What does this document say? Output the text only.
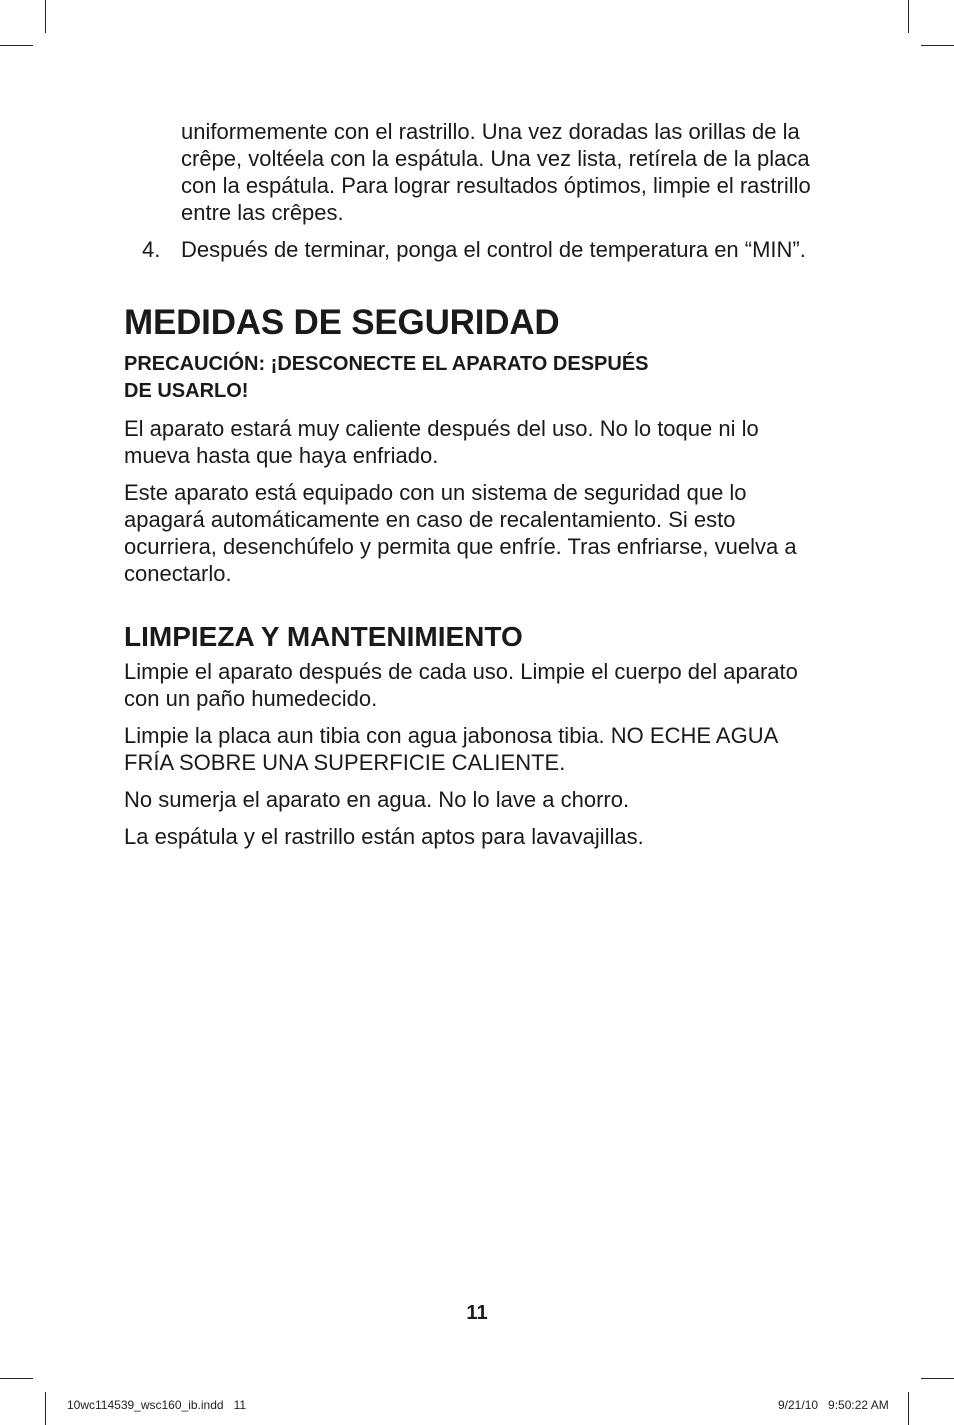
uniformemente con el rastrillo. Una vez doradas las orillas de la crêpe, voltéela con la espátula. Una vez lista, retírela de la placa con la espátula. Para lograr resultados óptimos, limpie el rastrillo entre las crêpes.

4. Después de terminar, ponga el control de temperatura en “MIN”.

MEDIDAS DE SEGURIDAD
PRECAUCIÓN: ¡DESCONECTE EL APARATO DESPUÉS
DE USARLO!

El aparato estará muy caliente después del uso. No lo toque ni lo mueva hasta que haya enfriado.

Este aparato está equipado con un sistema de seguridad que lo apagará automáticamente en caso de recalentamiento. Si esto ocurriera, desenchúfelo y permita que enfríe. Tras enfriarse, vuelva a conectarlo.

LIMPIEZA Y MANTENIMIENTO

Limpie el aparato después de cada uso. Limpie el cuerpo del aparato con un paño humedecido.

Limpie la placa aun tibia con agua jabonosa tibia. NO ECHE AGUA FRÍA SOBRE UNA SUPERFICIE CALIENTE.

No sumerja el aparato en agua. No lo lave a chorro.

La espátula y el rastrillo están aptos para lavavajillas.

11
10wc114539_wsc160_ib.indd   11	9/21/10   9:50:22 AM
